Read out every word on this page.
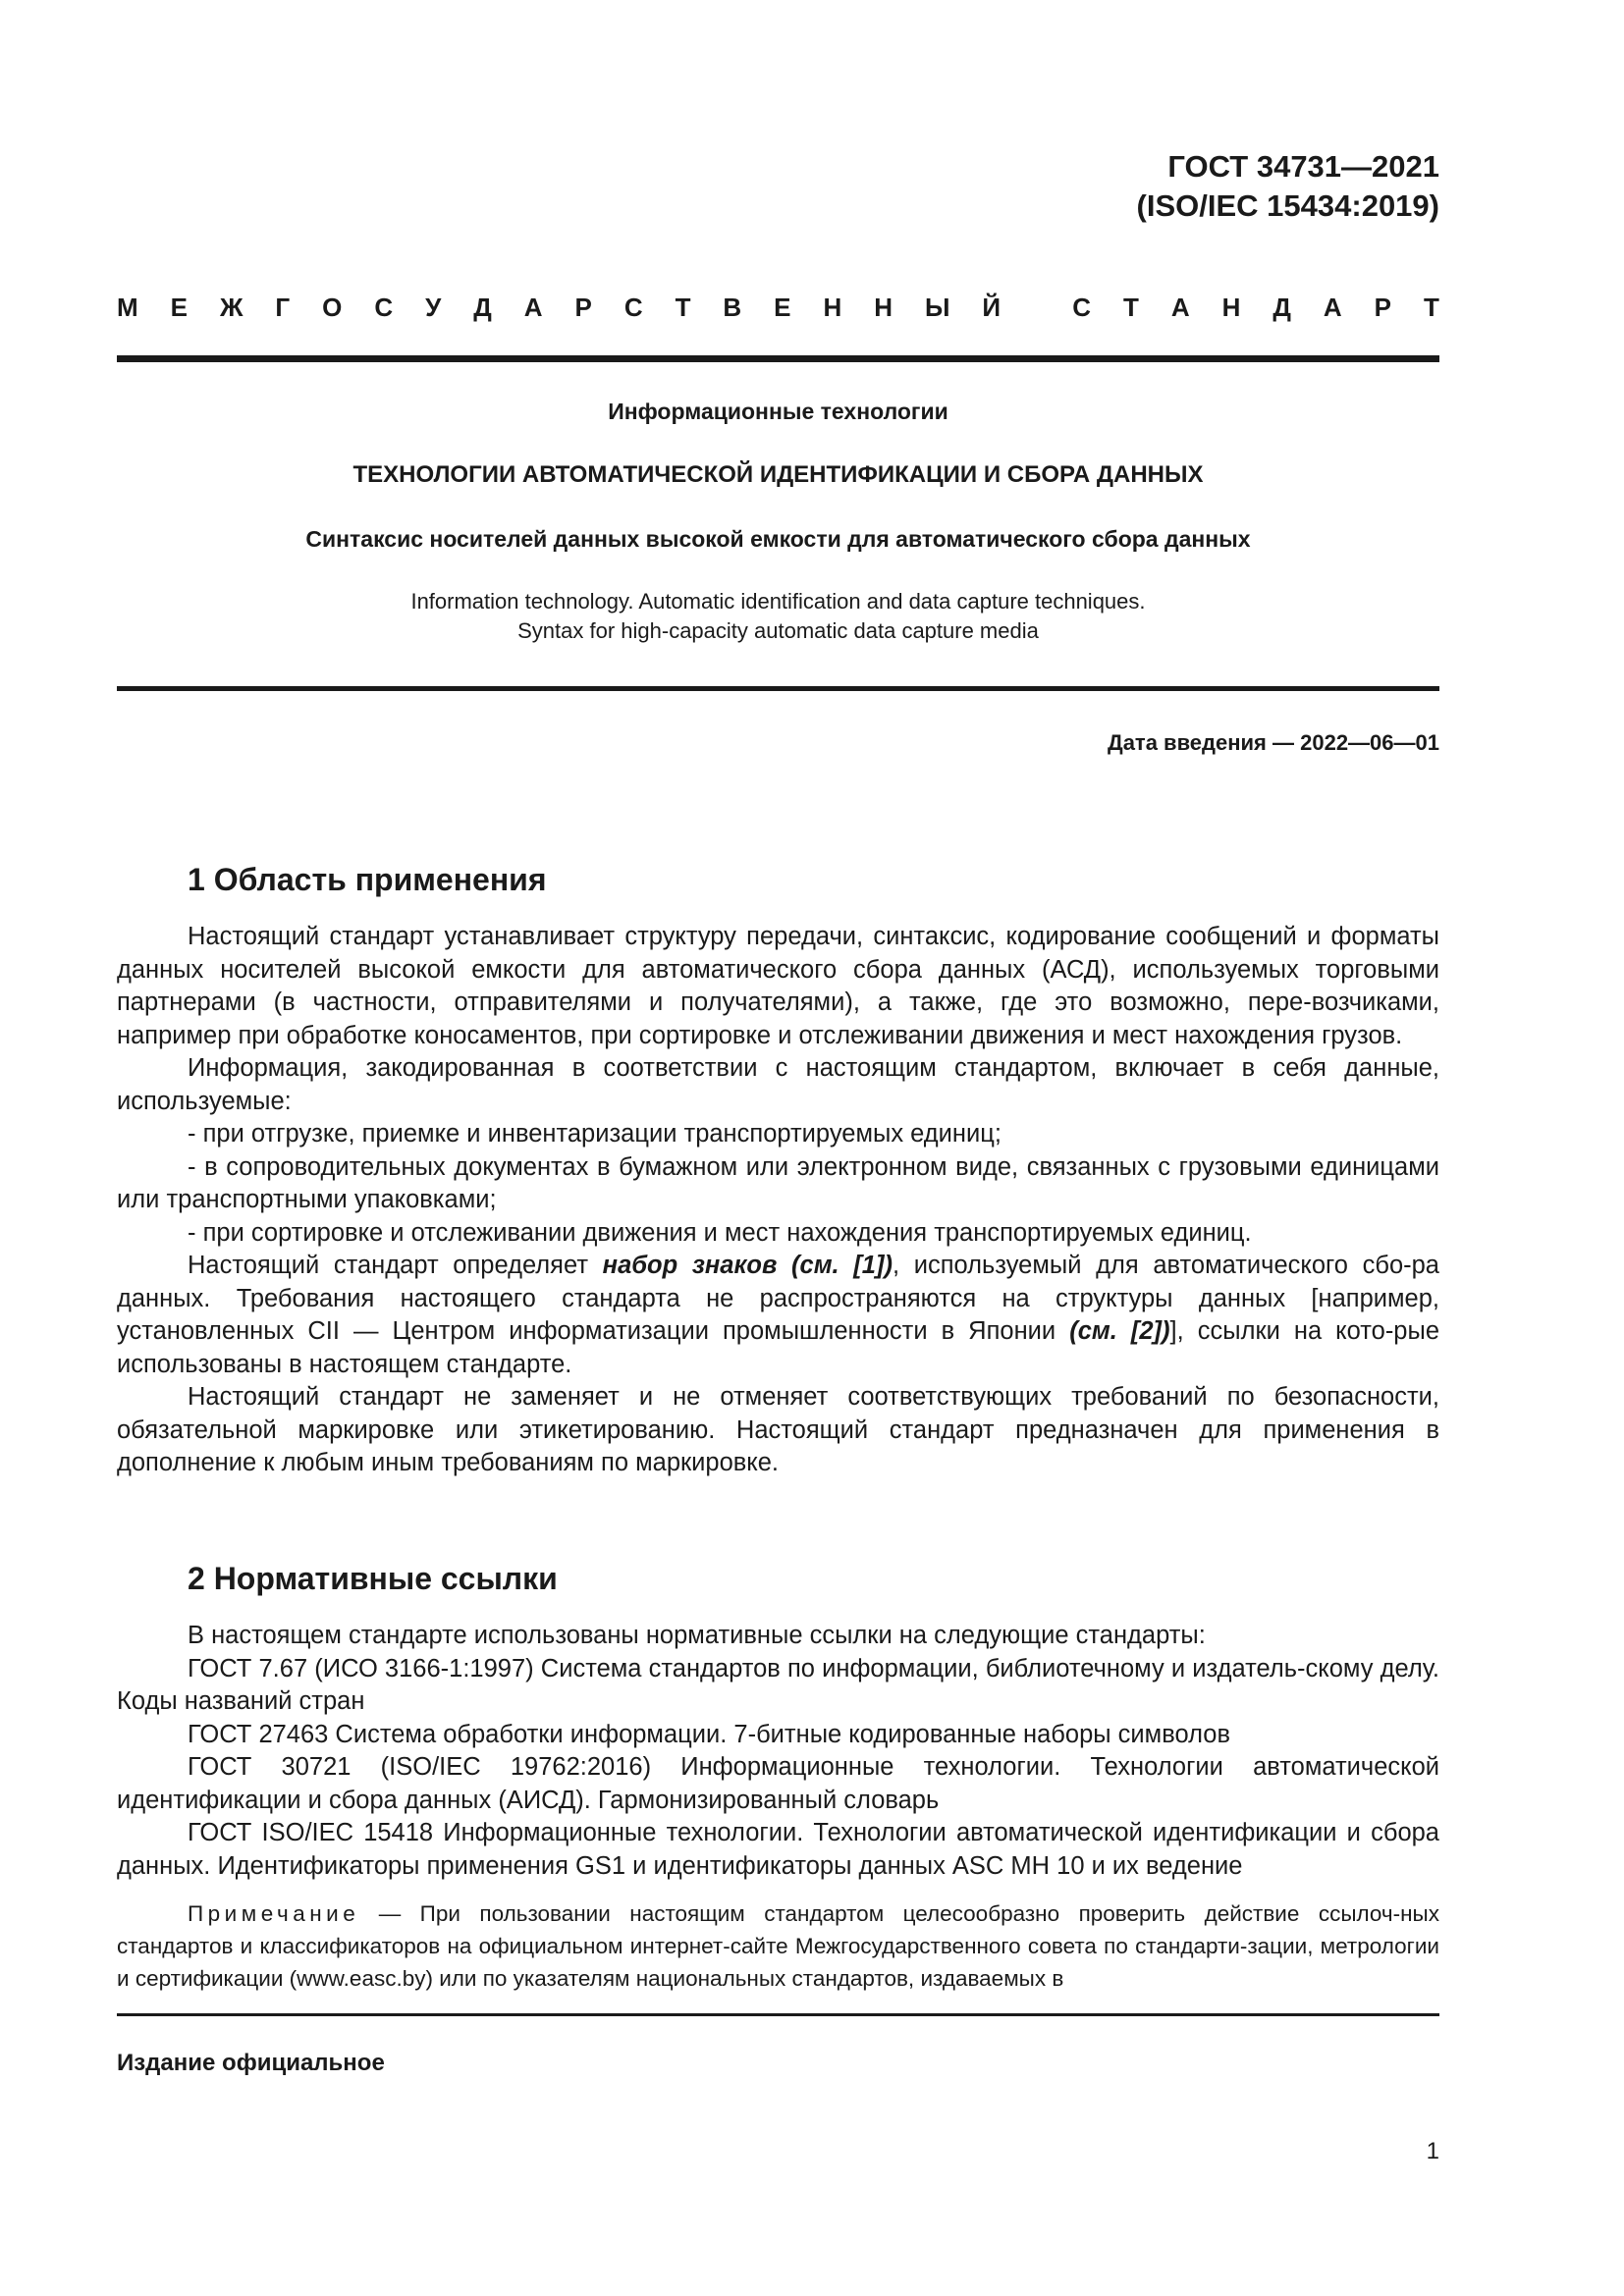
ГОСТ 34731—2021
(ISO/IEC 15434:2019)
М Е Ж Г О С У Д А Р С Т В Е Н Н Ы Й
	С Т А Н Д А Р Т
Информационные технологии
ТЕХНОЛОГИИ АВТОМАТИЧЕСКОЙ ИДЕНТИФИКАЦИИ И СБОРА ДАННЫХ
Синтаксис носителей данных высокой емкости для автоматического сбора данных
Information technology. Automatic identification and data capture techniques.
Syntax for high-capacity automatic data capture media
Дата введения — 2022—06—01
1 Область применения

Настоящий стандарт устанавливает структуру передачи, синтаксис, кодирование сообщений и форматы данных носителей высокой емкости для автоматического сбора данных (АСД), используемых торговыми партнерами (в частности, отправителями и получателями), а также, где это возможно, пере-возчиками, например при обработке коносаментов, при сортировке и отслеживании движения и мест нахождения грузов.

Информация, закодированная в соответствии с настоящим стандартом, включает в себя данные, используемые:

- при отгрузке, приемке и инвентаризации транспортируемых единиц;

- в сопроводительных документах в бумажном или электронном виде, связанных с грузовыми единицами или транспортными упаковками;

- при сортировке и отслеживании движения и мест нахождения транспортируемых единиц.

Настоящий стандарт определяет набор знаков (см. [1]), используемый для автоматического сбо-ра данных. Требования настоящего стандарта не распространяются на структуры данных [например, установленных CII — Центром информатизации промышленности в Японии (см. [2])], ссылки на кото-рые использованы в настоящем стандарте.

Настоящий стандарт не заменяет и не отменяет соответствующих требований по безопасности, обязательной маркировке или этикетированию. Настоящий стандарт предназначен для применения в дополнение к любым иным требованиям по маркировке.

2 Нормативные ссылки

В настоящем стандарте использованы нормативные ссылки на следующие стандарты:

ГОСТ 7.67 (ИСО 3166-1:1997) Система стандартов по информации, библиотечному и издатель-скому делу. Коды названий стран

ГОСТ 27463 Система обработки информации. 7-битные кодированные наборы символов

ГОСТ 30721 (ISO/IEC 19762:2016) Информационные технологии. Технологии автоматической идентификации и сбора данных (АИСД). Гармонизированный словарь

ГОСТ ISO/IEC 15418 Информационные технологии. Технологии автоматической идентификации и сбора данных. Идентификаторы применения GS1 и идентификаторы данных ASC MH 10 и их ведение

Примечание — При пользовании настоящим стандартом целесообразно проверить действие ссылоч-ных стандартов и классификаторов на официальном интернет-сайте Межгосударственного совета по стандарти-зации, метрологии и сертификации (www.easc.by) или по указателям национальных стандартов, издаваемых в

Издание официальное
1
